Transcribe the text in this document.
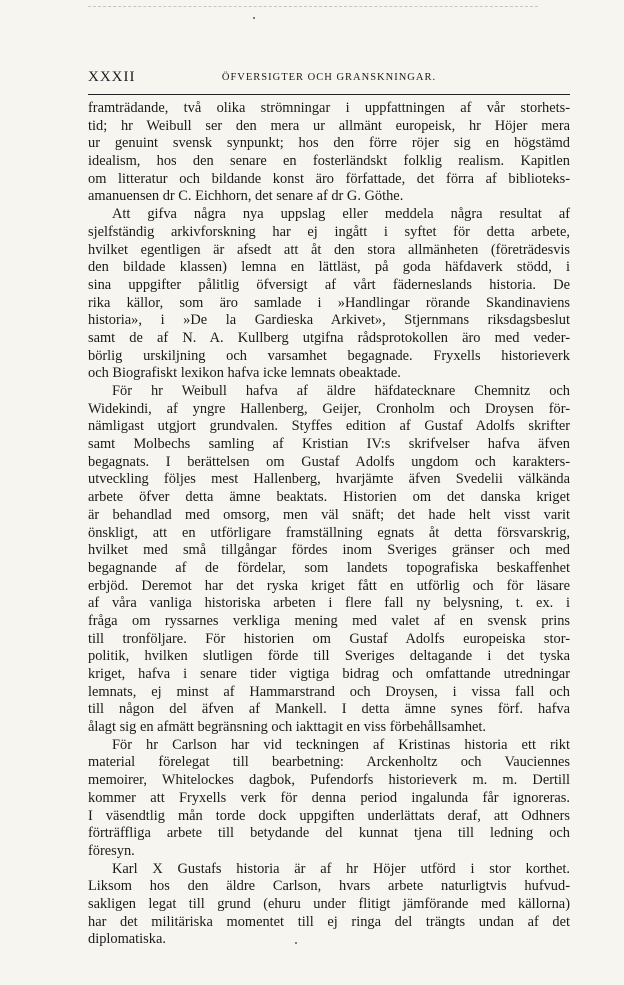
XXXII	ÖFVERSIGTER OCH GRANSKNINGAR.
framträdande, två olika strömningar i uppfattningen af vår storhets-
tid; hr Weibull ser den mera ur allmänt europeisk, hr Höjer mera
ur genuint svensk synpunkt; hos den förre röjer sig en högstämd
idealism, hos den senare en fosterländskt folklig realism. Kapitlen
om litteratur och bildande konst äro författade, det förra af biblioteks-
amanuensen dr C. Eichhorn, det senare af dr G. Göthe.
Att gifva några nya uppslag eller meddela några resultat af
sjelfständig arkivforskning har ej ingått i syftet för detta arbete,
hvilket egentligen är afsedt att åt den stora allmänheten (företrädesvis
den bildade klassen) lemna en lättläst, på goda häfdaverk stödd, i
sina uppgifter pålitlig öfversigt af vårt fäderneslands historia. De
rika källor, som äro samlade i »Handlingar rörande Skandinaviens
historia», i »De la Gardieska Arkivet», Stjernmans riksdagsbeslut
samt de af N. A. Kullberg utgifna rådsprotokollen äro med veder-
börlig urskiljning och varsamhet begagnade. Fryxells historieverk
och Biografiskt lexikon hafva icke lemnats obeaktade.
För hr Weibull hafva af äldre häfdatecknare Chemnitz och
Widekindi, af yngre Hallenberg, Geijer, Cronholm och Droysen för-
nämligast utgjort grundvalen. Styffes edition af Gustaf Adolfs skrifter
samt Molbechs samling af Kristian IV:s skrifvelser hafva äfven
begagnats. I berättelsen om Gustaf Adolfs ungdom och karakters-
utveckling följes mest Hallenberg, hvarjämte äfven Svedelii välkända
arbete öfver detta ämne beaktats. Historien om det danska kriget
är behandlad med omsorg, men väl snäft; det hade helt visst varit
önskligt, att en utförligare framställning egnats åt detta försvarskrig,
hvilket med små tillgångar fördes inom Sveriges gränser och med
begagnande af de fördelar, som landets topografiska beskaffenhet
erbjöd. Deremot har det ryska kriget fått en utförlig och för läsare
af våra vanliga historiska arbeten i flere fall ny belysning, t. ex. i
fråga om ryssarnes verkliga mening med valet af en svensk prins
till tronföljare. För historien om Gustaf Adolfs europeiska stor-
politik, hvilken slutligen förde till Sveriges deltagande i det tyska
kriget, hafva i senare tider vigtiga bidrag och omfattande utredningar
lemnats, ej minst af Hammarstrand och Droysen, i vissa fall och
till någon del äfven af Mankell. I detta ämne synes förf. hafva
ålagt sig en afmätt begränsning och iakttagit en viss förbehållsamhet.
För hr Carlson har vid teckningen af Kristinas historia ett rikt
material förelegat till bearbetning: Arckenholtz och Vauciennes
memoirer, Whitelockes dagbok, Pufendorfs historieverk m. m. Dertill
kommer att Fryxells verk för denna period ingalunda får ignoreras.
I väsendtlig mån torde dock uppgiften underlättats deraf, att Odhners
förträffliga arbete till betydande del kunnat tjena till ledning och
föresyn.
Karl X Gustafs historia är af hr Höjer utförd i stor korthet.
Liksom hos den äldre Carlson, hvars arbete naturligtvis hufvud-
sakligen legat till grund (ehuru under flitigt jämförande med källorna)
har det militäriska momentet till ej ringa del trängts undan af det
diplomatiska.
